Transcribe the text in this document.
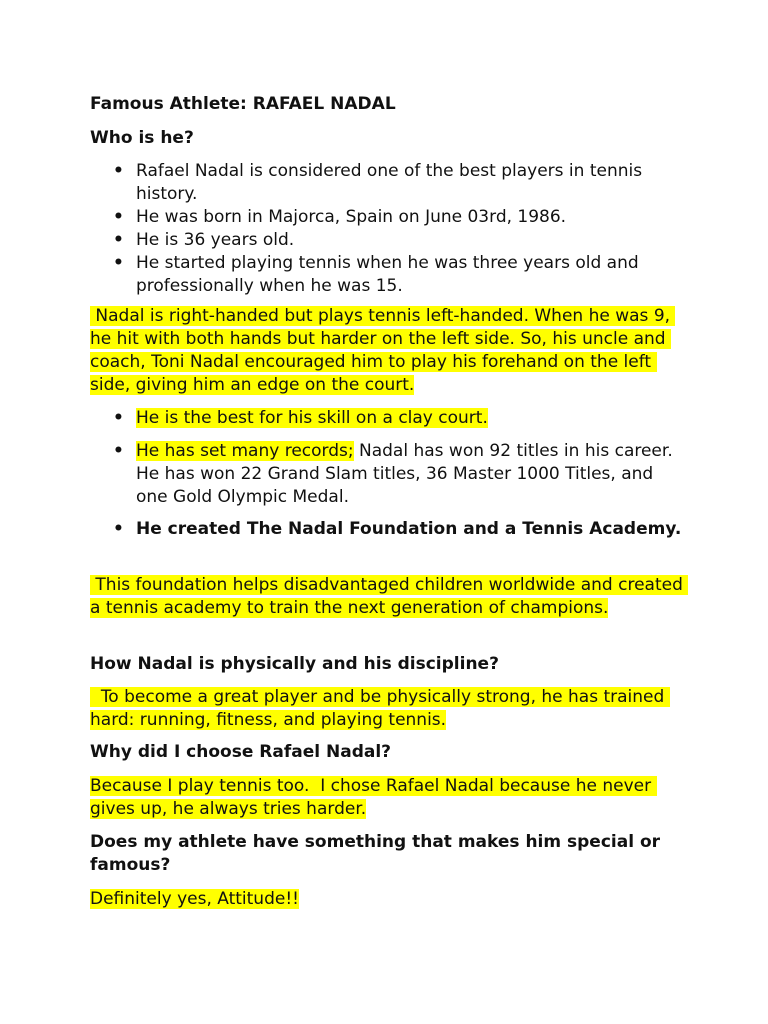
Famous Athlete: RAFAEL NADAL
Who is he?
• Rafael Nadal is considered one of the best players in tennis history.
• He was born in Majorca, Spain on June 03rd, 1986.
• He is 36 years old.
• He started playing tennis when he was three years old and professionally when he was 15.

Nadal is right-handed but plays tennis left-handed. When he was 9, he hit with both hands but harder on the left side. So, his uncle and coach, Toni Nadal encouraged him to play his forehand on the left side, giving him an edge on the court.

• He is the best for his skill on a clay court.
• He has set many records; Nadal has won 92 titles in his career. He has won 22 Grand Slam titles, 36 Master 1000 Titles, and one Gold Olympic Medal.
• He created The Nadal Foundation and a Tennis Academy.

This foundation helps disadvantaged children worldwide and created a tennis academy to train the next generation of champions.

How Nadal is physically and his discipline?

To become a great player and be physically strong, he has trained hard: running, fitness, and playing tennis.

Why did I choose Rafael Nadal?

Because I play tennis too.  I chose Rafael Nadal because he never gives up, he always tries harder.

Does my athlete have something that makes him special or famous?

Definitely yes, Attitude!!
